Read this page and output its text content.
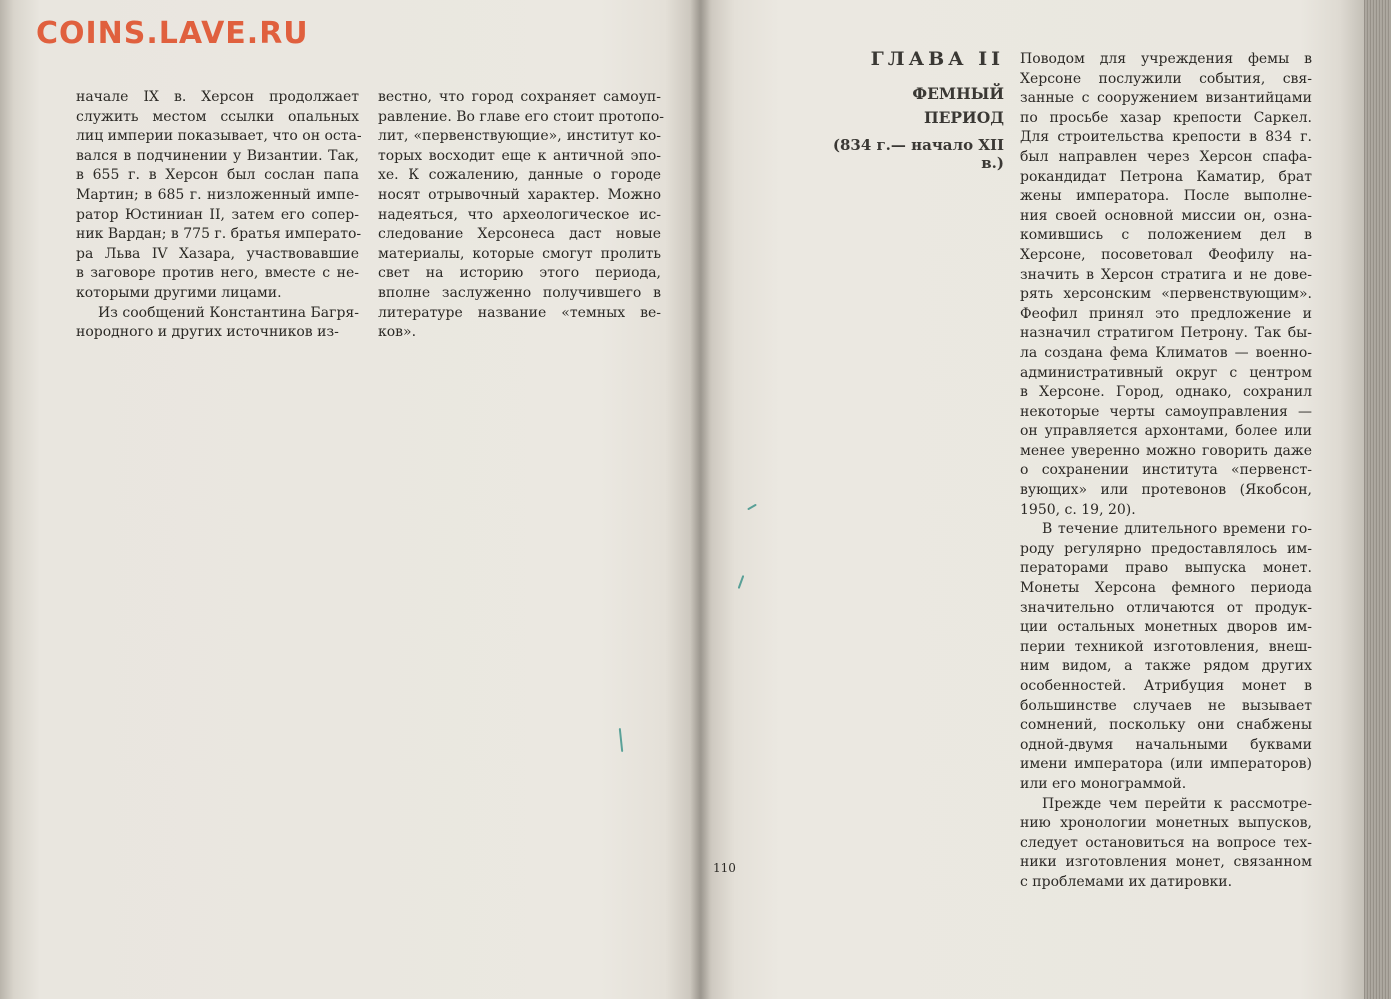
COINS.LAVE.RU

начале IX в. Херсон продолжает
служить местом ссылки опальных
лиц империи показывает, что он оста-
вался в подчинении у Византии. Так,
в 655 г. в Херсон был сослан папа
Мартин; в 685 г. низложенный импе-
ратор Юстиниан II, затем его сопер-
ник Вардан; в 775 г. братья императо-
ра Льва IV Хазара, участвовавшие
в заговоре против него, вместе с не-
которыми другими лицами.

Из сообщений Константина Багря-
нородного и других источников из-

вестно, что город сохраняет самоуп-
равление. Во главе его стоит протопо-
лит, «первенствующие», институт ко-
торых восходит еще к античной эпо-
хе. К сожалению, данные о городе
носят отрывочный характер. Можно
надеяться, что археологическое ис-
следование Херсонеса даст новые
материалы, которые смогут пролить
свет на историю этого периода,
вполне заслуженно получившего в
литературе название «темных ве-
ков».

110
ГЛАВА II
ФЕМНЫЙ
ПЕРИОД
(834 г.— начало XII в.)

Поводом для учреждения фемы в
Херсоне послужили события, свя-
занные с сооружением византийцами
по просьбе хазар крепости Саркел.
Для строительства крепости в 834 г.
был направлен через Херсон спафа-
рокандидат Петрона Каматир, брат
жены императора. После выполне-
ния своей основной миссии он, озна-
комившись с положением дел в
Херсоне, посоветовал Феофилу на-
значить в Херсон стратига и не дове-
рять херсонским «первенствующим».
Феофил принял это предложение и
назначил стратигом Петрону. Так бы-
ла создана фема Климатов — военно-
административный округ с центром
в Херсоне. Город, однако, сохранил
некоторые черты самоуправления —
он управляется архонтами, более или
менее уверенно можно говорить даже
о сохранении института «первенст-
вующих» или протевонов (Якобсон,
1950, с. 19, 20).

В течение длительного времени го-
роду регулярно предоставлялось им-
ператорами право выпуска монет.
Монеты Херсона фемного периода
значительно отличаются от продук-
ции остальных монетных дворов им-
перии техникой изготовления, внеш-
ним видом, а также рядом других
особенностей. Атрибуция монет в
большинстве случаев не вызывает
сомнений, поскольку они снабжены
одной-двумя начальными буквами
имени императора (или императоров)
или его монограммой.

Прежде чем перейти к рассмотре-
нию хронологии монетных выпусков,
следует остановиться на вопросе тех-
ники изготовления монет, связанном
с проблемами их датировки.
